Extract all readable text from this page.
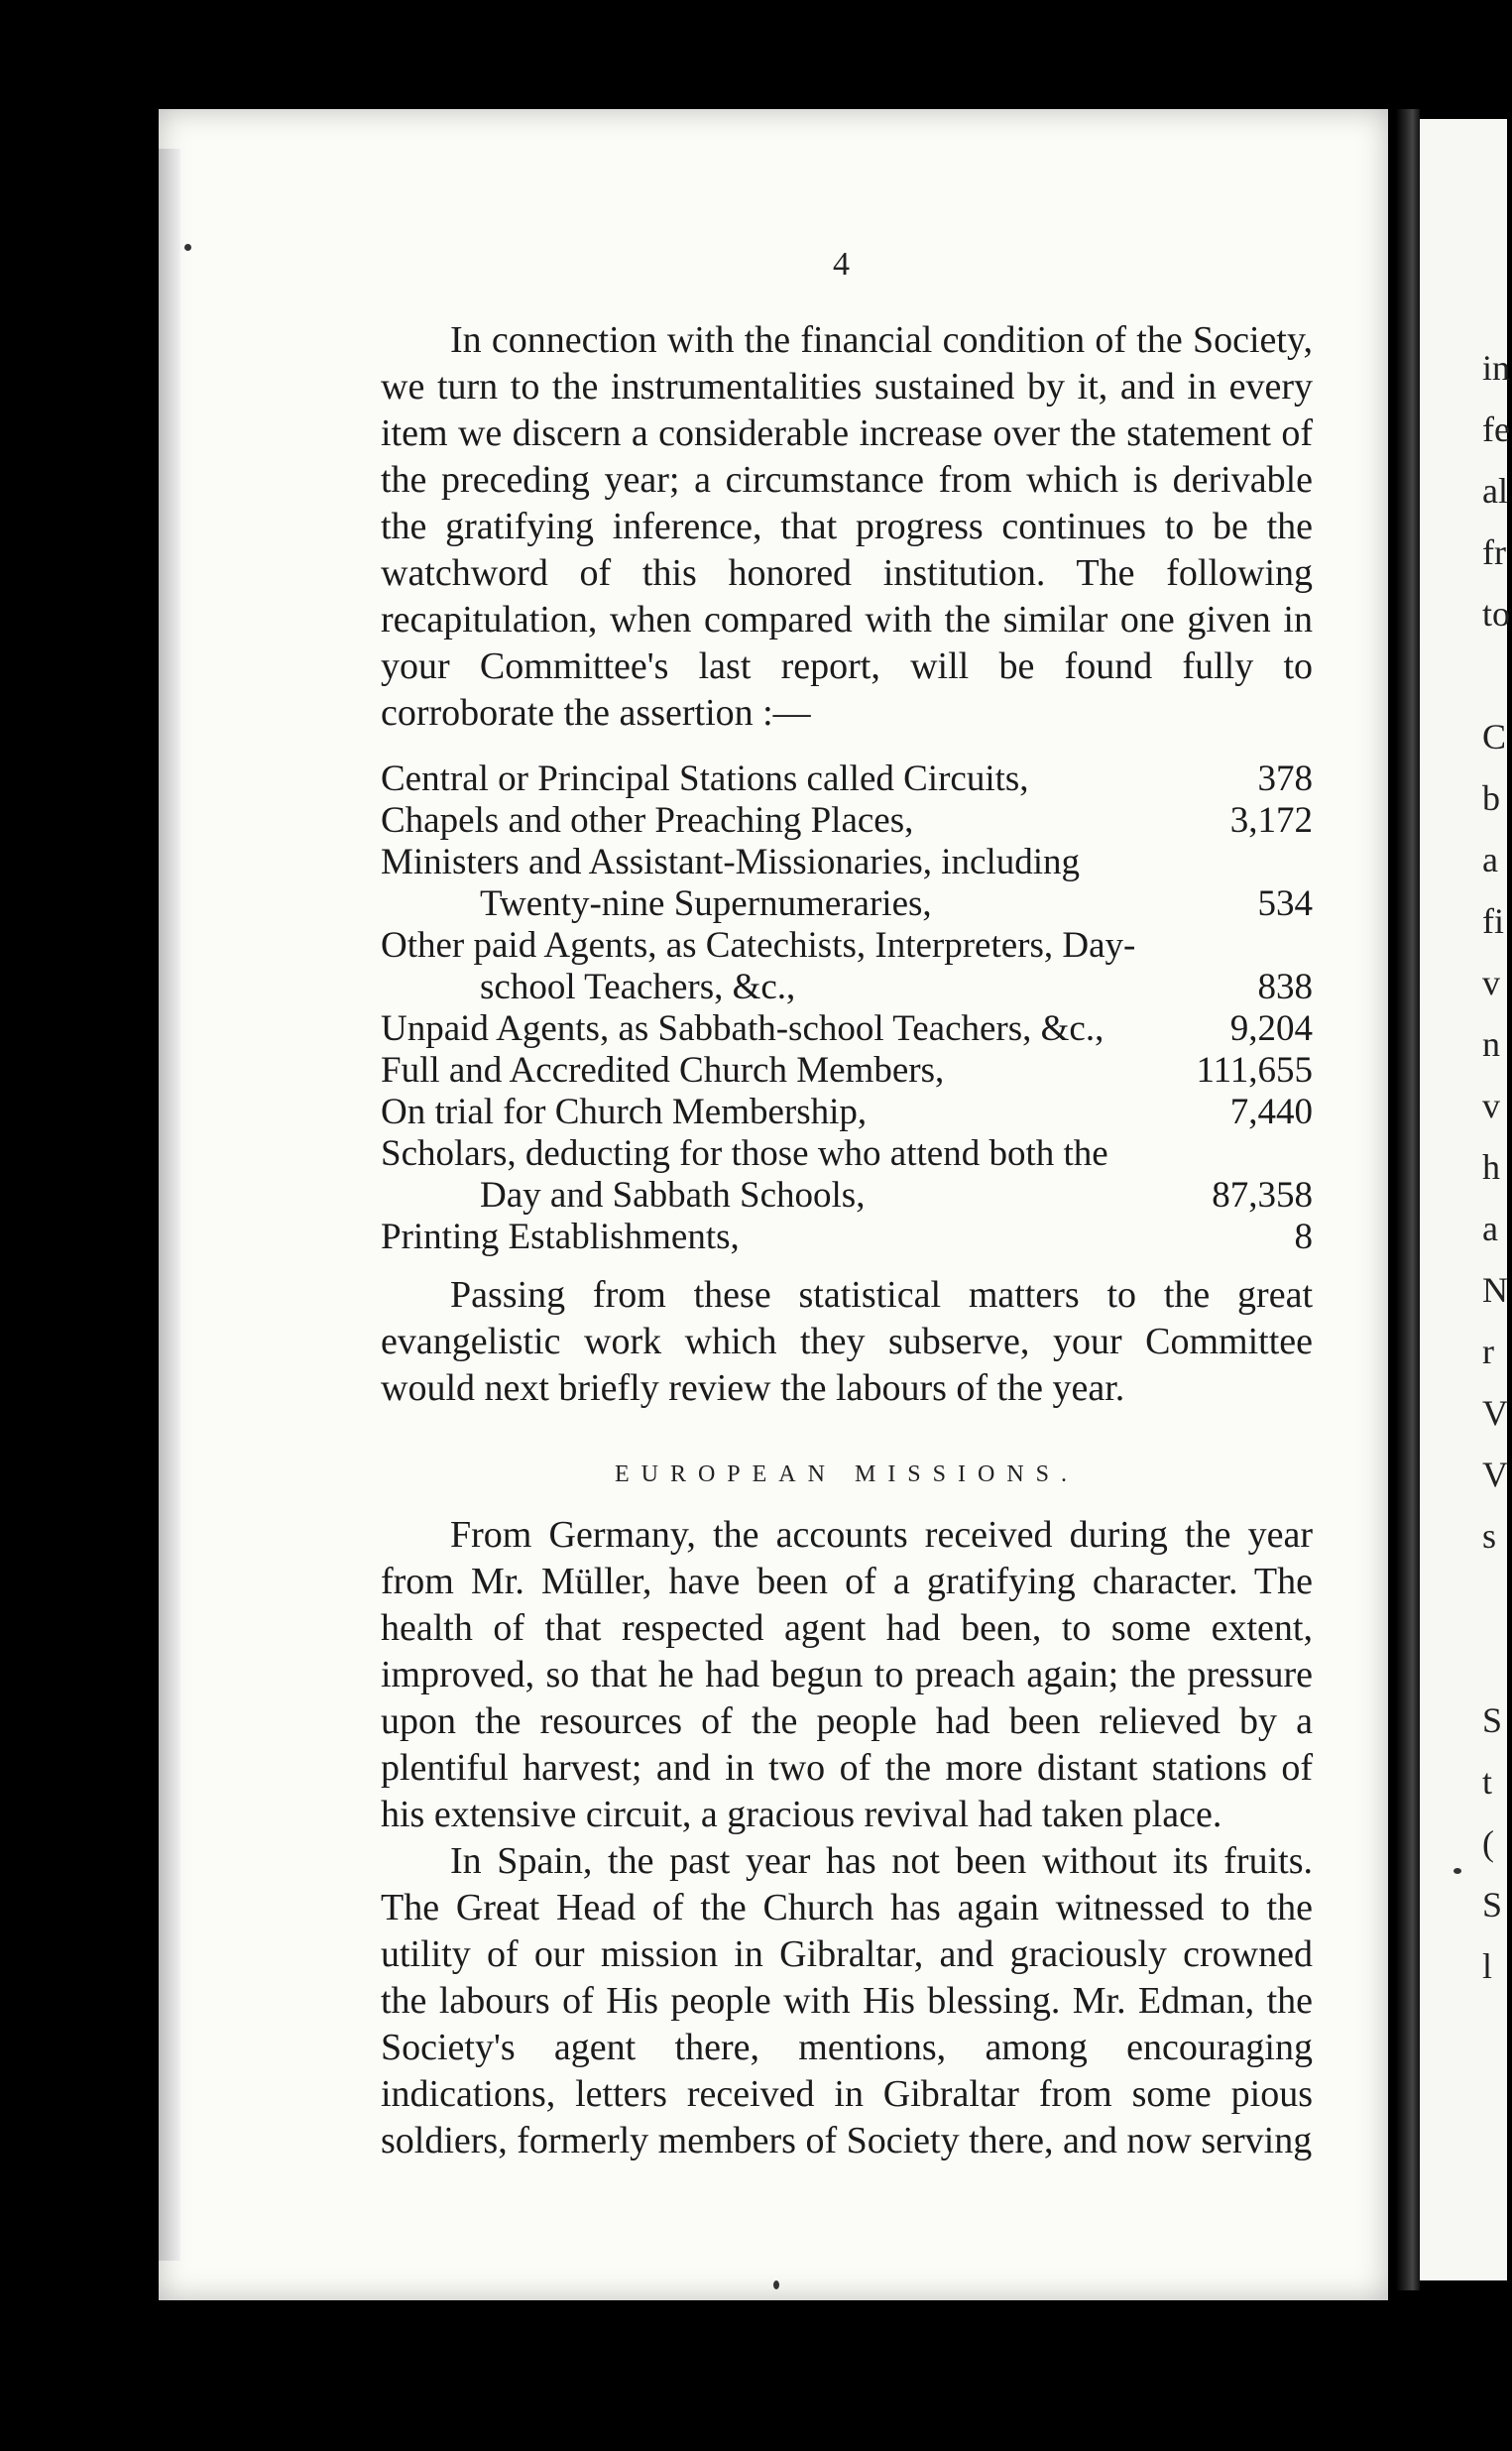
in
fe
al
fr
to

C
b
a
fi
v
n
v
h
a
N
r
V
V
s

S
t
(
S
l
4

In connection with the financial condition of the Society, we turn to the instrumentalities sustained by it, and in every item we discern a considerable increase over the statement of the preceding year; a circumstance from which is derivable the gratifying inference, that progress continues to be the watchword of this honored institution. The following recapitulation, when compared with the similar one given in your Committee's last report, will be found fully to corroborate the assertion :—

Central or Principal Stations called Circuits,	378
Chapels and other Preaching Places,	3,172
Ministers and Assistant-Missionaries, including	
Twenty-nine Supernumeraries,	534
Other paid Agents, as Catechists, Interpreters, Day-	
school Teachers, &c.,	838
Unpaid Agents, as Sabbath-school Teachers, &c.,	9,204
Full and Accredited Church Members,	111,655
On trial for Church Membership,	7,440
Scholars, deducting for those who attend both the	
Day and Sabbath Schools,	87,358
Printing Establishments,	8

Passing from these statistical matters to the great evangelistic work which they subserve, your Committee would next briefly review the labours of the year.

EUROPEAN MISSIONS.

From Germany, the accounts received during the year from Mr. Müller, have been of a gratifying character. The health of that respected agent had been, to some extent, improved, so that he had begun to preach again; the pressure upon the resources of the people had been relieved by a plentiful harvest; and in two of the more distant stations of his extensive circuit, a gracious revival had taken place.

In Spain, the past year has not been without its fruits. The Great Head of the Church has again witnessed to the utility of our mission in Gibraltar, and graciously crowned the labours of His people with His blessing. Mr. Edman, the Society's agent there, mentions, among encouraging indications, letters received in Gibraltar from some pious soldiers, formerly members of Society there, and now serving
